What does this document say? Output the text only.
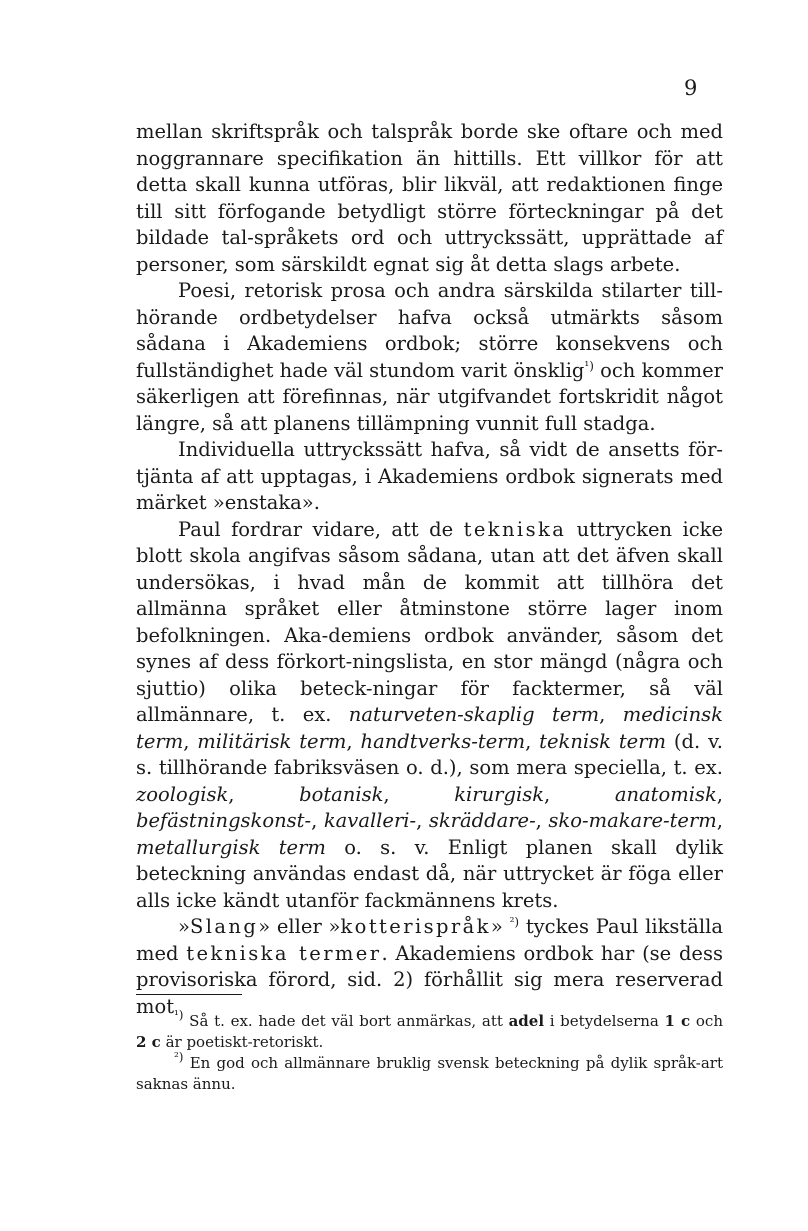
9

mellan skriftspråk och talspråk borde ske oftare och med noggrannare specifikation än hittills. Ett villkor för att detta skall kunna utföras, blir likväl, att redaktionen finge till sitt förfogande betydligt större förteckningar på det bildade tal-språkets ord och uttryckssätt, upprättade af personer, som särskildt egnat sig åt detta slags arbete.

Poesi, retorisk prosa och andra särskilda stilarter till-hörande ordbetydelser hafva också utmärkts såsom sådana i Akademiens ordbok; större konsekvens och fullständighet hade väl stundom varit önsklig$^{^1)}$ och kommer säkerligen att förefinnas, när utgifvandet fortskridit något längre, så att planens tillämpning vunnit full stadga.

Individuella uttryckssätt hafva, så vidt de ansetts för-tjänta af att upptagas, i Akademiens ordbok signerats med märket »enstaka».

Paul fordrar vidare, att de tekniska uttrycken icke blott skola angifvas såsom sådana, utan att det äfven skall undersökas, i hvad mån de kommit att tillhöra det allmänna språket eller åtminstone större lager inom befolkningen. Aka-demiens ordbok använder, såsom det synes af dess förkort-ningslista, en stor mängd (några och sjuttio) olika beteck-ningar för facktermer, så väl allmännare, t. ex. naturveten-skaplig term, medicinsk term, militärisk term, handtverks-term, teknisk term (d. v. s. tillhörande fabriksväsen o. d.), som mera speciella, t. ex. zoologisk, botanisk, kirurgisk, anatomisk, befästningskonst-, kavalleri-, skräddare-, sko-makare-term, metallurgisk term o. s. v. Enligt planen skall dylik beteckning användas endast då, när uttrycket är föga eller alls icke kändt utanför fackmännens krets.

»Slang» eller »kotterispråk» $^{^2)}$ tyckes Paul likställa med tekniska termer. Akademiens ordbok har (se dess provisoriska förord, sid. 2) förhållit sig mera reserverad mot $^{^1)}$ Så t. ex. hade det väl bort anmärkas, att adel i betydelserna 1 c och 2 c är poetiskt-retoriskt.

$^{^2)}$ En god och allmännare bruklig svensk beteckning på dylik språk-art saknas ännu.
